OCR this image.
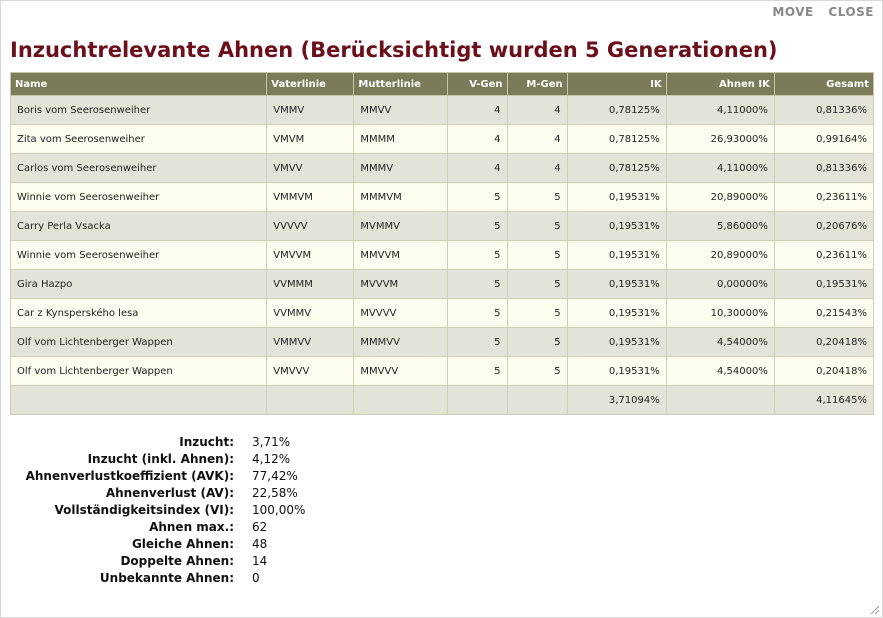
MOVE CLOSE
Inzuchtrelevante Ahnen (Berücksichtigt wurden 5 Generationen)
Name	Vaterlinie	Mutterlinie	V-Gen	M-Gen	IK	Ahnen IK	Gesamt
Boris vom Seerosenweiher	VMMV	MMVV	4	4	0,78125%	4,11000%	0,81336%
Zita vom Seerosenweiher	VMVM	MMMM	4	4	0,78125%	26,93000%	0,99164%
Carlos vom Seerosenweiher	VMVV	MMMV	4	4	0,78125%	4,11000%	0,81336%
Winnie vom Seerosenweiher	VMMVM	MMMVM	5	5	0,19531%	20,89000%	0,23611%
Carry Perla Vsacka	VVVVV	MVMMV	5	5	0,19531%	5,86000%	0,20676%
Winnie vom Seerosenweiher	VMVVM	MMVVM	5	5	0,19531%	20,89000%	0,23611%
Gira Hazpo	VVMMM	MVVVM	5	5	0,19531%	0,00000%	0,19531%
Car z Kynsperského lesa	VVMMV	MVVVV	5	5	0,19531%	10,30000%	0,21543%
Olf vom Lichtenberger Wappen	VMMVV	MMMVV	5	5	0,19531%	4,54000%	0,20418%
Olf vom Lichtenberger Wappen	VMVVV	MMVVV	5	5	0,19531%	4,54000%	0,20418%
					3,71094%		4,11645%
Inzucht:	3,71%
Inzucht (inkl. Ahnen):	4,12%
Ahnenverlustkoeffizient (AVK):	77,42%
Ahnenverlust (AV):	22,58%
Vollständigkeitsindex (VI):	100,00%
Ahnen max.:	62
Gleiche Ahnen:	48
Doppelte Ahnen:	14
Unbekannte Ahnen:	0
